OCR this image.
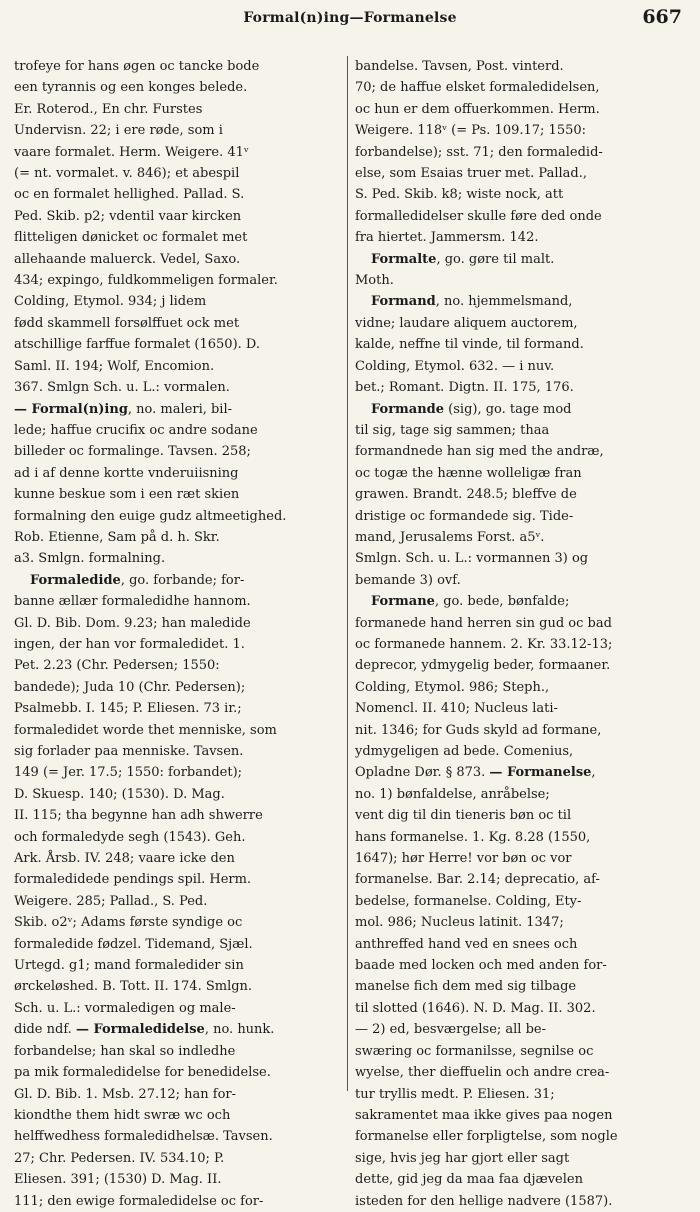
Formal(n)ing—Formanelse	667
trofeye for hans øgen oc tancke bode
een tyrannis og een konges belede.
Er. Roterod., En chr. Furstes
Undervisn. 22; i ere røde, som i
vaare formalet. Herm. Weigere. 41ᵛ
(= nt. vormalet. v. 846); et abespil
oc en formalet hellighed. Pallad. S.
Ped. Skib. p2; vdentil vaar kircken
flitteligen dønicket oc formalet met
allehaande maluerck. Vedel, Saxo.
434; expingo, fuldkommeligen formaler.
Colding, Etymol. 934; j lidem
fødd skammell forsølffuet ock met
atschillige farffue formalet (1650). D.
Saml. II. 194; Wolf, Encomion.
367. Smlgn Sch. u. L.: vormalen.
— Formal(n)ing, no. maleri, bil-
lede; haffue crucifix oc andre sodane
billeder oc formalinge. Tavsen. 258;
ad i af denne kortte vnderuiisning
kunne beskue som i een ræt skien
formalning den euige gudz altmeetighed.
Rob. Etienne, Sam på d. h. Skr.
a3. Smlgn. formalning.
Formaledide, go. forbande; for-
banne ællær formaledidhe hannom.
Gl. D. Bib. Dom. 9.23; han maledide
ingen, der han vor formaledidet. 1.
Pet. 2.23 (Chr. Pedersen; 1550:
bandede); Juda 10 (Chr. Pedersen);
Psalmebb. I. 145; P. Eliesen. 73 ir.;
formaledidet worde thet menniske, som
sig forlader paa menniske. Tavsen.
149 (= Jer. 17.5; 1550: forbandet);
D. Skuesp. 140; (1530). D. Mag.
II. 115; tha begynne han adh shwerre
och formaledyde segh (1543). Geh.
Ark. Årsb. IV. 248; vaare icke den
formaledidede pendings spil. Herm.
Weigere. 285; Pallad., S. Ped.
Skib. o2ᵛ; Adams første syndige oc
formaledide fødzel. Tidemand, Sjæl.
Urtegd. g1; mand formaledider sin
ørckeløshed. B. Tott. II. 174. Smlgn.
Sch. u. L.: vormaledigen og male-
dide ndf. — Formaledidelse, no. hunk.
forbandelse; han skal so indledhe
pa mik formaledidelse for benedidelse.
Gl. D. Bib. 1. Msb. 27.12; han for-
kiondthe them hidt swræ wc och
helffwedhess formaledidhelsæ. Tavsen.
27; Chr. Pedersen. IV. 534.10; P.
Eliesen. 391; (1530) D. Mag. II.
111; den ewige formaledidelse oc for-
bandelse. Tavsen, Post. vinterd.
70; de haffue elsket formaledidelsen,
oc hun er dem offuerkommen. Herm.
Weigere. 118ᵛ (= Ps. 109.17; 1550:
forbandelse); sst. 71; den formaledid-
else, som Esaias truer met. Pallad.,
S. Ped. Skib. k8; wiste nock, att
formalledidelser skulle føre ded onde
fra hiertet. Jammersm. 142.
Formalte, go. gøre til malt.
Moth.
Formand, no. hjemmelsmand,
vidne; laudare aliquem auctorem,
kalde, neffne til vinde, til formand.
Colding, Etymol. 632. — i nuv.
bet.; Romant. Digtn. II. 175, 176.
Formande (sig), go. tage mod
til sig, tage sig sammen; thaa
formandnede han sig med the andræ,
oc togæ the hænne wolleligæ fran
grawen. Brandt. 248.5; bleffve de
dristige oc formandede sig. Tide-
mand, Jerusalems Forst. a5ᵛ.
Smlgn. Sch. u. L.: vormannen 3) og
bemande 3) ovf.
Formane, go. bede, bønfalde;
formanede hand herren sin gud oc bad
oc formanede hannem. 2. Kr. 33.12-13;
deprecor, ydmygelig beder, formaaner.
Colding, Etymol. 986; Steph.,
Nomencl. II. 410; Nucleus lati-
nit. 1346; for Guds skyld ad formane,
ydmygeligen ad bede. Comenius,
Opladne Dør. § 873. — Formanelse,
no. 1) bønfaldelse, anråbelse;
vent dig til din tieneris bøn oc til
hans formanelse. 1. Kg. 8.28 (1550,
1647); hør Herre! vor bøn oc vor
formanelse. Bar. 2.14; deprecatio, af-
bedelse, formanelse. Colding, Ety-
mol. 986; Nucleus latinit. 1347;
anthreffed hand ved en snees och
baade med locken och med anden for-
manelse fich dem med sig tilbage
til slotted (1646). N. D. Mag. II. 302.
— 2) ed, besværgelse; all be-
swæring oc formanilsse, segnilse oc
wyelse, ther dieffuelin och andre crea-
tur tryllis medt. P. Eliesen. 31;
sakramentet maa ikke gives paa nogen
formanelse eller forpligtelse, som nogle
sige, hvis jeg har gjort eller sagt
dette, gid jeg da maa faa djævelen
isteden for den hellige nadvere (1587).
